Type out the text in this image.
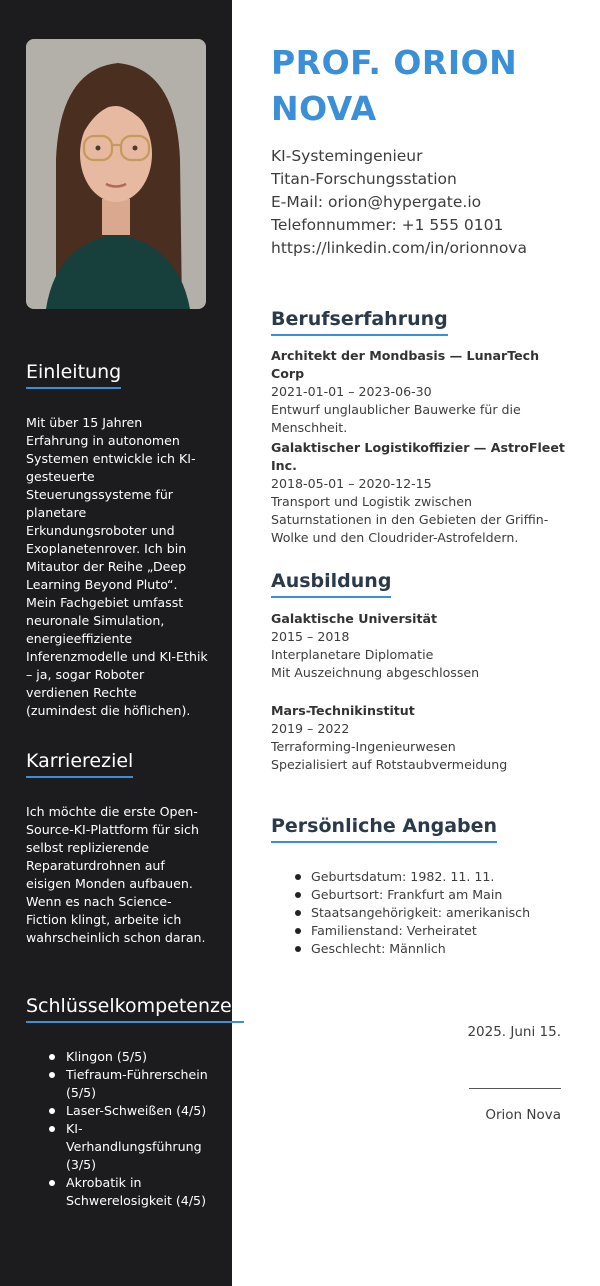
Einleitung

Mit über 15 Jahren Erfahrung in autonomen Systemen entwickle ich KI-gesteuerte Steuerungssysteme für planetare Erkundungsroboter und Exoplanetenrover. Ich bin Mitautor der Reihe „Deep Learning Beyond Pluto“. Mein Fachgebiet umfasst neuronale Simulation, energieeffiziente Inferenzmodelle und KI-Ethik – ja, sogar Roboter verdienen Rechte (zumindest die höflichen).

Karriereziel

Ich möchte die erste Open-Source-KI-Plattform für sich selbst replizierende Reparaturdrohnen auf eisigen Monden aufbauen. Wenn es nach Science-Fiction klingt, arbeite ich wahrscheinlich schon daran.

Schlüsselkompetenzen
Klingon (5/5)
Tiefraum-Führerschein (5/5)
Laser-Schweißen (4/5)
KI-Verhandlungsführung (3/5)
Akrobatik in Schwerelosigkeit (4/5)
PROF. ORION NOVA
KI-Systemingenieur
Titan-Forschungsstation
E-Mail: orion@hypergate.io
Telefonnummer: +1 555 0101
https://linkedin.com/in/orionnova
Berufserfahrung
Architekt der Mondbasis — LunarTech Corp
2021-01-01 – 2023-06-30
Entwurf unglaublicher Bauwerke für die Menschheit.
Galaktischer Logistikoffizier — AstroFleet Inc.
2018-05-01 – 2020-12-15
Transport und Logistik zwischen Saturnstationen in den Gebieten der Griffin-Wolke und den Cloudrider-Astrofeldern.
Ausbildung
Galaktische Universität
2015 – 2018
Interplanetare Diplomatie
Mit Auszeichnung abgeschlossen
Mars-Technikinstitut
2019 – 2022
Terraforming-Ingenieurwesen
Spezialisiert auf Rotstaubvermeidung
Persönliche Angaben
Geburtsdatum: 1982. 11. 11.
Geburtsort: Frankfurt am Main
Staatsangehörigkeit: amerikanisch
Familienstand: Verheiratet
Geschlecht: Männlich
2025. Juni 15.
Orion Nova
